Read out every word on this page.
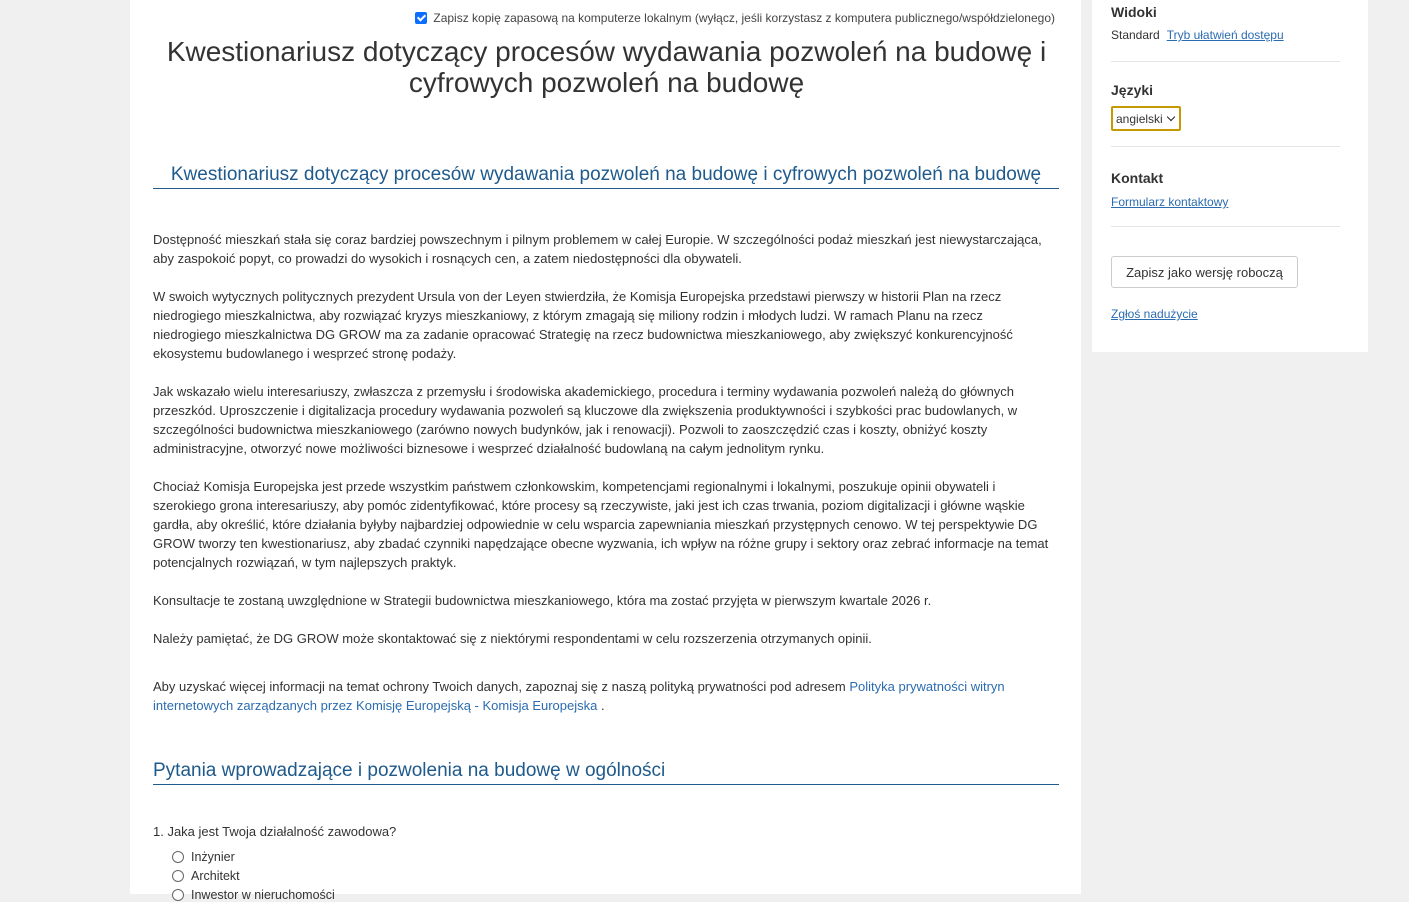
Zapisz kopię zapasową na komputerze lokalnym (wyłącz, jeśli korzystasz z komputera publicznego/współdzielonego)
Kwestionariusz dotyczący procesów wydawania pozwoleń na budowę i cyfrowych pozwoleń na budowę
Kwestionariusz dotyczący procesów wydawania pozwoleń na budowę i cyfrowych pozwoleń na budowę

Dostępność mieszkań stała się coraz bardziej powszechnym i pilnym problemem w całej Europie. W szczególności podaż mieszkań jest niewystarczająca, aby zaspokoić popyt, co prowadzi do wysokich i rosnących cen, a zatem niedostępności dla obywateli.

W swoich wytycznych politycznych prezydent Ursula von der Leyen stwierdziła, że Komisja Europejska przedstawi pierwszy w historii Plan na rzecz niedrogiego mieszkalnictwa, aby rozwiązać kryzys mieszkaniowy, z którym zmagają się miliony rodzin i młodych ludzi. W ramach Planu na rzecz niedrogiego mieszkalnictwa DG GROW ma za zadanie opracować Strategię na rzecz budownictwa mieszkaniowego, aby zwiększyć konkurencyjność ekosystemu budowlanego i wesprzeć stronę podaży.

Jak wskazało wielu interesariuszy, zwłaszcza z przemysłu i środowiska akademickiego, procedura i terminy wydawania pozwoleń należą do głównych przeszkód. Uproszczenie i digitalizacja procedury wydawania pozwoleń są kluczowe dla zwiększenia produktywności i szybkości prac budowlanych, w szczególności budownictwa mieszkaniowego (zarówno nowych budynków, jak i renowacji). Pozwoli to zaoszczędzić czas i koszty, obniżyć koszty administracyjne, otworzyć nowe możliwości biznesowe i wesprzeć działalność budowlaną na całym jednolitym rynku.

Chociaż Komisja Europejska jest przede wszystkim państwem członkowskim, kompetencjami regionalnymi i lokalnymi, poszukuje opinii obywateli i szerokiego grona interesariuszy, aby pomóc zidentyfikować, które procesy są rzeczywiste, jaki jest ich czas trwania, poziom digitalizacji i główne wąskie gardła, aby określić, które działania byłyby najbardziej odpowiednie w celu wsparcia zapewniania mieszkań przystępnych cenowo. W tej perspektywie DG GROW tworzy ten kwestionariusz, aby zbadać czynniki napędzające obecne wyzwania, ich wpływ na różne grupy i sektory oraz zebrać informacje na temat potencjalnych rozwiązań, w tym najlepszych praktyk.

Konsultacje te zostaną uwzględnione w Strategii budownictwa mieszkaniowego, która ma zostać przyjęta w pierwszym kwartale 2026 r.

Należy pamiętać, że DG GROW może skontaktować się z niektórymi respondentami w celu rozszerzenia otrzymanych opinii.

Aby uzyskać więcej informacji na temat ochrony Twoich danych, zapoznaj się z naszą polityką prywatności pod adresem Polityka prywatności witryn internetowych zarządzanych przez Komisję Europejską - Komisja Europejska .

Pytania wprowadzające i pozwolenia na budowę w ogólności
1. Jaka jest Twoja działalność zawodowa?
Inżynier
Architekt
Inwestor w nieruchomości
Widoki
Standard Tryb ułatwień dostępu
Języki
angielski
Kontakt
Formularz kontaktowy
Zapisz jako wersję roboczą
Zgłoś nadużycie
